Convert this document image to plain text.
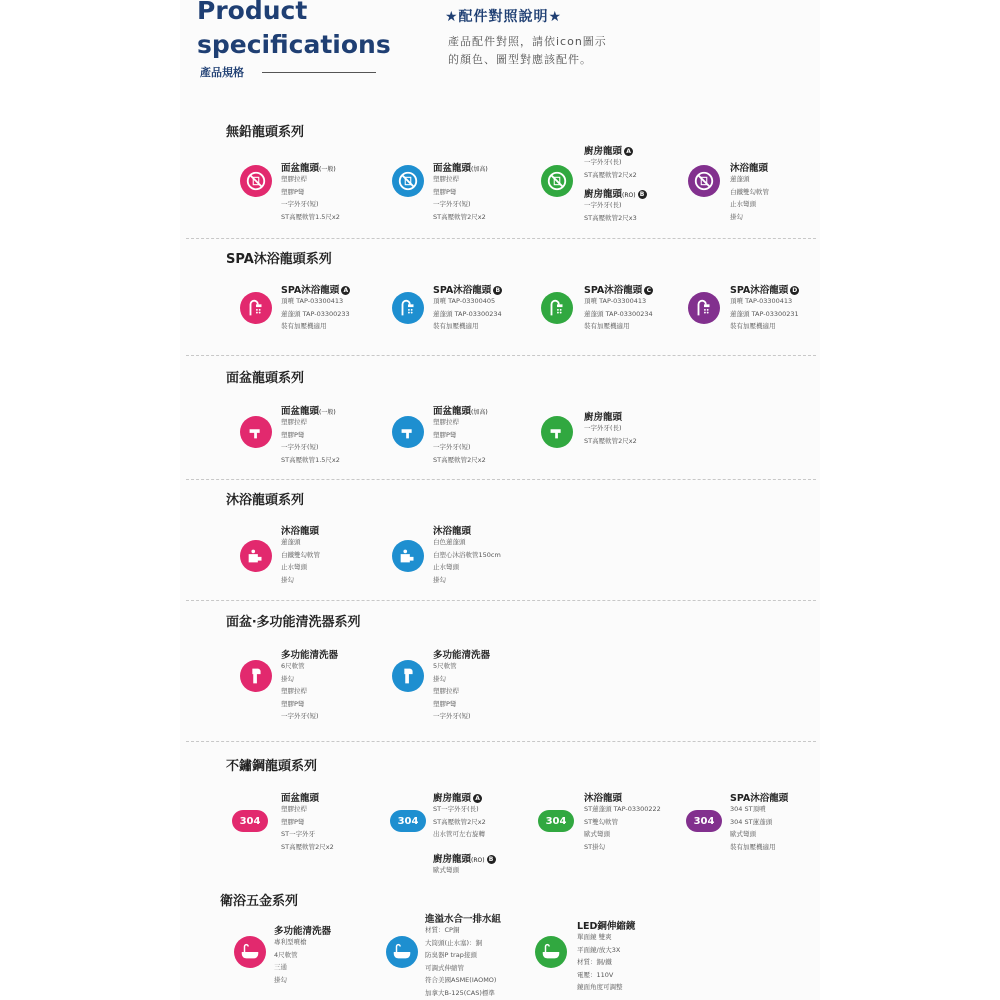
Product
specifications
產品規格
★配件對照說明★
產品配件對照，請依icon圖示
的顏色、圖型對應該配件。
無鉛龍頭系列
面盆龍頭(一般)
塑膠拉桿
塑膠P彎
一字外牙(短)
ST高壓軟管1.5尺x2
面盆龍頭(加高)
塑膠拉桿
塑膠P彎
一字外牙(短)
ST高壓軟管2尺x2
廚房龍頭 A
一字外牙(長)
ST高壓軟管2尺x2
廚房龍頭(RO) B
一字外牙(長)
ST高壓軟管2尺x3
沐浴龍頭
蓮蓬頭
白鐵雙勾軟管
止水彎頭
掛勾
SPA沐浴龍頭系列
SPA沐浴龍頭 A
頂噴 TAP-03300413
蓮蓬頭 TAP-03300233
裝有加壓機適用
SPA沐浴龍頭 B
頂噴 TAP-03300405
蓮蓬頭 TAP-03300234
裝有加壓機適用
SPA沐浴龍頭 C
頂噴 TAP-03300413
蓮蓬頭 TAP-03300234
裝有加壓機適用
SPA沐浴龍頭 D
頂噴 TAP-03300413
蓮蓬頭 TAP-03300231
裝有加壓機適用
面盆龍頭系列
面盆龍頭(一般)
塑膠拉桿
塑膠P彎
一字外牙(短)
ST高壓軟管1.5尺x2
面盆龍頭(加高)
塑膠拉桿
塑膠P彎
一字外牙(短)
ST高壓軟管2尺x2
廚房龍頭
一字外牙(長)
ST高壓軟管2尺x2
沐浴龍頭系列
沐浴龍頭
蓮蓬頭
白鐵雙勾軟管
止水彎頭
掛勾
沐浴龍頭
白色蓮蓬頭
白塑心沐浴軟管150cm
止水彎頭
掛勾
面盆‧多功能清洗器系列
多功能清洗器
6尺軟管
掛勾
塑膠拉桿
塑膠P彎
一字外牙(短)
多功能清洗器
5尺軟管
掛勾
塑膠拉桿
塑膠P彎
一字外牙(短)
不鏽鋼龍頭系列
304
面盆龍頭
塑膠拉桿
塑膠P彎
ST一字外牙
ST高壓軟管2尺x2
304
廚房龍頭 A
ST一字外牙(長)
ST高壓軟管2尺x2
出水管可左右旋轉
廚房龍頭(RO) B
歐式彎頭
304
沐浴龍頭
ST蓮蓬頭 TAP-03300222
ST雙勾軟管
歐式彎頭
ST掛勾
304
SPA沐浴龍頭
304 ST頂噴
304 ST蓮蓬頭
歐式彎頭
裝有加壓機適用
衛浴五金系列
多功能清洗器
專利型噴槍
4尺軟管
三通
掛勾
進溢水合一排水組
材質：CP銅
大筒頭(止水塞)：銅
防臭器P trap接頭
可調式伸縮管
符合美國ASME(IAOMO)
加拿大B-125(CAS)標準
LED銅伸縮鏡
單面鏡 雙爽
平面鏡/放大3X
材質：銅/鐵
電壓：110V
鏡面角度可調整
